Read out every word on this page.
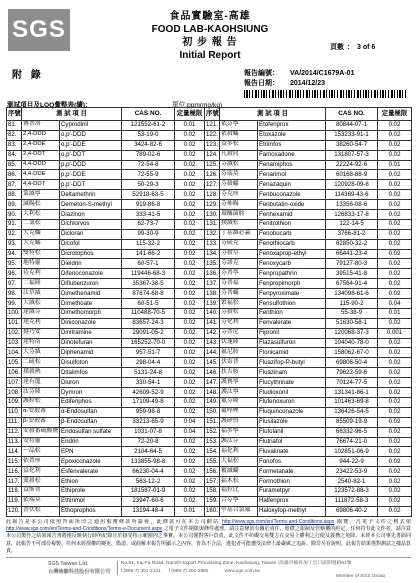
SGS	食品實驗室-高雄
FOOD LAB-KAOHSIUNG
初 步 報 告
Initial Report
頁數 ： 3 of 6
附 錄	報告編號： VA/2014/C1679A-01
報告日期： 2014/12/23
測試項目及LOQ彙整表(續)：	單位:ppm(mg/kg)
序號	測 試 項 目		CAS NO.	定量極限	序號	測 試 項 目		CAS NO.	定量極限
81.	賽普洛	Cyprodinil	121552-61-2	0.01	121.	依芬寧	Etofenprox	80844-07-1	0.02
82.	2,4-DDD	o,p'-DDD	53-19-0	0.02	122.	依殺蟎	Etoxazole	153233-91-1	0.02
83.	2,4-DDE	o,p'-DDE	3424-82-6	0.02	123.	益多松	Etrimfos	38260-54-7	0.02
84.	2,4-DDT	o,p'-DDT	789-02-6	0.02	124.	凡殺同	Famoxadone	131807-57-3	0.02
85.	4,4-DDD	p,p'-DDD	72-54-8	0.02	125.	芬滅松	Fenamiphos	22224-92-6	0.01
86.	4,4-DDE	p,p'-DDE	72-55-9	0.02	126.	芬瑞莫	Fenarimol	60168-88-9	0.02
87.	4,4-DDT	p,p'-DDT	50-29-3	0.02	127.	芬殺蟎	Fenazaquin	120928-09-8	0.02
88.	第滅寧	Deltamethrin	52918-63-5	0.02	128.	芬克座	Fenbuconazole	114369-43-6	0.02
89.	滅賜松	Demeton-S-methyl	919-86-8	0.02	129.	芬佈賜	Fenbutatin-oxide	13356-08-6	0.02
90.	大利松	Diazinon	333-41-5	0.02	130.	環醯菌胺	Fenhexamid	126833-17-8	0.02
91.	二氯松	Dichlorvos	62-73-7	0.02	131.	撲滅松	Fenitrothion	122-14-5	0.02
92.	大克爛	Dicloran	99-30-9	0.02	132.	丁基滅必蝨	Fenobucarb	3766-81-2	0.02
93.	大克蟎	Dicofol	115-32-2	0.02	133.	芬硫克	Fenothiocarb	62850-32-2	0.02
94.	雙特松	Dicrotophos	141-66-2	0.02	134.	芬殺草	Fenoxaprop-ethyl	66441-23-4	0.02
95.	地特靈	Dieldrin	60-57-1	0.02	135.	芬諾克	Fenoxycarb	79127-80-3	0.02
96.	待克利	Difenoconazole	119446-68-3	0.02	136.	芬普寧	Fenpropathrin	39515-41-8	0.02
97.	二福隆	Diflubenzuron	35367-38-5	0.02	137.	芬普福	Fenpropimorph	67564-91-4	0.02
98.	汰草滅	Dimethenamid	87674-68-8	0.02	138.	芬普蟎	Fenpyroximate	134098-61-6	0.02
99.	大滅松	Dimethoate	60-51-5	0.02	139.	繁福松	Fensulfothion	115-90-2	0.04
100.	達滅芬	Dimethomorph	110488-70-5	0.02	140.	芬殺松	Fenthion	55-38-9	0.01
101.	達克利	Diniconazole	83657-24-3	0.02	141.	芬化利	Fenvalerate	51630-58-1	0.02
102.	撻乃安	Dinitramine	29091-05-2	0.02	142.	芬普尼	Fipronil	120068-37-3	0.001
103.	達特南	Dinotefuran	165252-70-0	0.02	143.	伏速隆	Flazasulfuron	104040-78-0	0.02
104.	大芬滅	Diphenamid	957-51-7	0.02	144.	氟尼胺	Flonicamid	158062-67-0	0.02
105.	二硫松	Disulfoton	298-04-4	0.02	145.	伏寄普	Fluazifop-P-butyl	69806-50-4	0.02
106.	撲殺熱	Ditalimfos	5131-24-8	0.02	146.	扶吉胺	Fluazinam	79622-59-6	0.02
107.	達有龍	Diuron	330-54-1	0.02	147.	護賽寧	Flucythrinate	70124-77-5	0.02
108.	汰芬隆	Dymron	42609-52-9	0.02	148.	護汰寧	Fludioxonil	131341-86-1	0.02
109.	護粒松	Edifenphos	17109-49-8	0.02	149.	氟芬隆	Flufenoxuron	101463-69-8	0.02
110.	α-安殺番	α-Endosulfan	959-98-8	0.02	150.	氟喹唑	Fluquinconazole	136426-54-5	0.02
111.	β-安殺番	β-Endosulfan	33213-65-9	0.04	151.	護矽得	Flusilazole	85509-19-9	0.02
112.	安殺番硫酸鹽	Endosulfan sulfate	1031-07-8	0.04	152.	福多寧	Flutolanil	66332-96-5	0.02
113.	安特靈	Endrin	72-20-8	0.02	153.	護汰芬	Flutriafol	76674-21-0	0.02
114.	一品松	EPN	2104-64-5	0.02	154.	福化利	Fluvalinate	102851-06-9	0.02
115.	依普座	Epoxiconazole	133855-98-8	0.02	155.	大福松	Fonofos	944-22-9	0.02
116.	益化利	Esfenvalerate	66230-04-4	0.02	156.	覆滅蟎	Formetanate	23422-53-9	0.02
117.	愛殺松	Ethion	563-12-2	0.02	157.	福木松	Formothion	2540-82-1	0.02
118.	益斯普	Ethiprole	181587-01-9	0.02	158.	福拉比	Furametpyr	123572-88-3	0.02
119.	依瑞莫	Ethirimol	23947-60-6	0.02	159.	合芬寧	Halfenprox	111872-58-3	0.02
120.	普伏松	Ethoprophos	13194-48-4	0.01	160.	甲基合氯氟	Haloxyfop-methyl	69806-40-2	0.02
此報告是本公司依照背面所印之通用服務條款所簽發，此條款可在本公司網站 http://www.sgs.com/en/Terms-and-Conditions.aspx 閱覽，凡電子文件之格式依 http://www.sgs.com/en/Terms-and-Conditions/Terms-e-Document.aspx 之電子文件期限與條件處理。請注意條款有關於責任、賠償之限制及管轄權的約定。任何持有此文件者，請注意本公司製作之結果報告書將僅反映執行時所紀錄且於接受指示範圍內之事實。本公司僅對客戶負責，此文件不妨礙交易雙方在交易上權利之行使及義務之免除。未經本公司事先書面同意，此報告不可部份複製。任何未經授權的變更、偽造、或曲解本報告所顯示之內容，皆為不合法，違犯者可能遭受法律上最嚴厲之追訴。除非另有說明，此報告結果僅對測試之樣品負責。
SGS Taiwan Ltd.
台灣檢驗科技股份有限公司
No.61, Kai-Fa Road, Nanzih Export Processing Zone, Kaohsiung, Taiwan /高雄市楠梓加工出口區開發路61號
t (886-7) 301-2121 f (886-7) 301-2882	www.sgs.com.tw
Member of SGS Group
